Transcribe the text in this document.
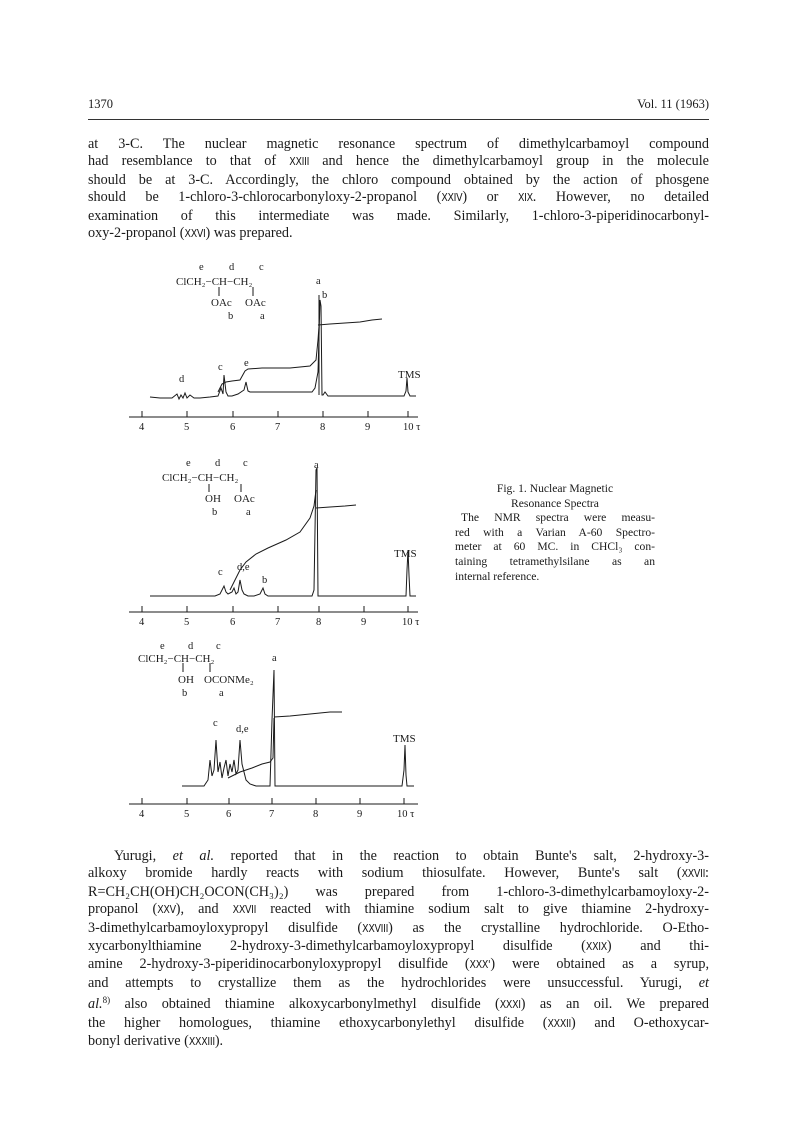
1370	Vol. 11 (1963)
at 3-C. The nuclear magnetic resonance spectrum of dimethylcarbamoyl compound
had resemblance to that of XXIII and hence the dimethylcarbamoyl group in the molecule
should be at 3-C. Accordingly, the chloro compound obtained by the action of phosgene
should be 1-chloro-3-chlorocarbonyloxy-2-propanol (XXIV) or XIX. However, no detailed
examination of this intermediate was made. Similarly, 1-chloro-3-piperidinocarbonyl-
oxy-2-propanol (XXVI) was prepared.
e d c
ClCH₂−CH−CH₂
OAc OAc
b	a
a
b
c e
d	TMS
4	5	6	7	8	9	10 τ
e d c
ClCH₂−CH−CH₂
OH OAc
b	a
a
c d,e
b
TMS
4	5	6	7	8	9	10 τ
e d c
ClCH₂−CH−CH₂
OH OCONMe₂
b	a
a
c
d,e
TMS
4	5	6	7	8	9	10 τ
Fig. 1. Nuclear Magnetic
Resonance Spectra
The NMR spectra were measu-
red with a Varian A-60 Spectro-
meter at 60 MC. in CHCl₃ con-
taining tetramethylsilane as an
internal reference.
Yurugi, et al. reported that in the reaction to obtain Bunte's salt, 2-hydroxy-3-
alkoxy bromide hardly reacts with sodium thiosulfate. However, Bunte's salt (XXVII:
R=CH₂CH(OH)CH₂OCON(CH₃)₂) was prepared from 1-chloro-3-dimethylcarbamoyloxy-2-
propanol (XXV), and XXVII reacted with thiamine sodium salt to give thiamine 2-hydroxy-
3-dimethylcarbamoyloxypropyl disulfide (XXVIII) as the crystalline hydrochloride. O-Etho-
xycarbonylthiamine 2-hydroxy-3-dimethylcarbamoyloxypropyl disulfide (XXIX) and thi-
amine 2-hydroxy-3-piperidinocarbonyloxypropyl disulfide (XXX') were obtained as a syrup,
and attempts to crystallize them as the hydrochlorides were unsuccessful. Yurugi, et
al.$^{8)}$ also obtained thiamine alkoxycarbonylmethyl disulfide (XXXI) as an oil. We prepared
the higher homologues, thiamine ethoxycarbonylethyl disulfide (XXXII) and O-ethoxycar-
bonyl derivative (XXXIII).
